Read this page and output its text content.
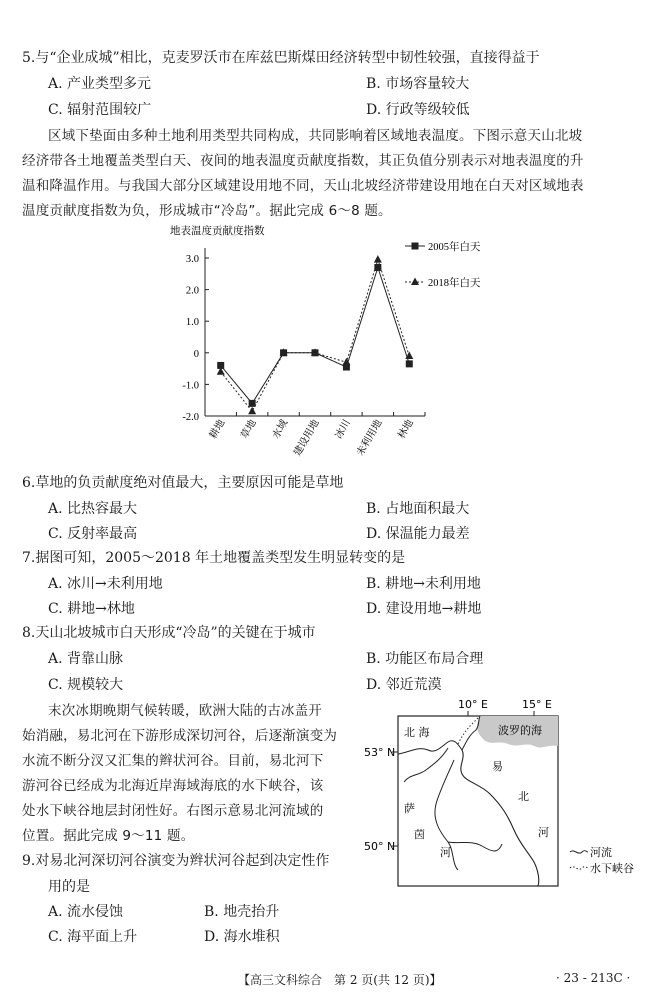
5.与“企业成城”相比，克麦罗沃市在库兹巴斯煤田经济转型中韧性较强，直接得益于
A. 产业类型多元	B. 市场容量较大
C. 辐射范围较广	D. 行政等级较低
区域下垫面由多种土地利用类型共同构成，共同影响着区域地表温度。下图示意天山北坡
经济带各土地覆盖类型白天、夜间的地表温度贡献度指数，其正负值分别表示对地表温度的升
温和降温作用。与我国大部分区域建设用地不同，天山北坡经济带建设用地在白天对区域地表
温度贡献度指数为负，形成城市“冷岛”。据此完成 6～8 题。
地表温度贡献度指数
3.0
2.0
1.0
0
-1.0
-2.0
耕地 草地 水域 建设用地 冰川 未利用地 林地
2005年白天
2018年白天
6.草地的负贡献度绝对值最大，主要原因可能是草地
A. 比热容最大	B. 占地面积最大
C. 反射率最高	D. 保温能力最差
7.据图可知，2005～2018 年土地覆盖类型发生明显转变的是
A. 冰川→未利用地	B. 耕地→未利用地
C. 耕地→林地	D. 建设用地→耕地
8.天山北坡城市白天形成“冷岛”的关键在于城市
A. 背靠山脉	B. 功能区布局合理
C. 规模较大	D. 邻近荒漠
末次冰期晚期气候转暖，欧洲大陆的古冰盖开
始消融，易北河在下游形成深切河谷，后逐渐演变为
水流不断分汊又汇集的辫状河谷。目前，易北河下
游河谷已经成为北海近岸海域海底的水下峡谷，该
处水下峡谷地层封闭性好。右图示意易北河流域的
位置。据此完成 9～11 题。
10° E	15° E
53° N
50° N
北 海	波罗的海
易
北
河
萨
茵
河	河流
水下峡谷
9.对易北河深切河谷演变为辫状河谷起到决定性作
用的是
A. 流水侵蚀	B. 地壳抬升
C. 海平面上升	D. 海水堆积
【高三文科综合　第 2 页(共 12 页)】	· 23 - 213C ·
